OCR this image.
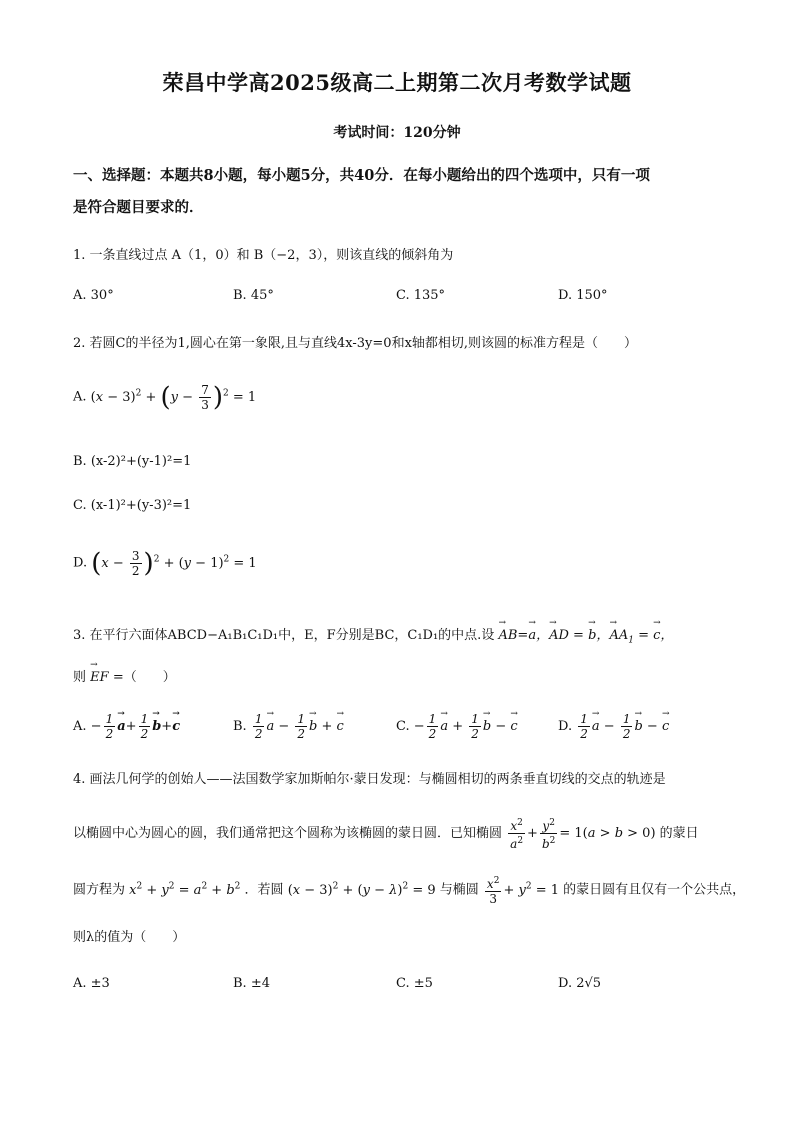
荣昌中学高2025级高二上期第二次月考数学试题
考试时间：120分钟
一、选择题：本题共8小题，每小题5分，共40分．在每小题给出的四个选项中，只有一项
是符合题目要求的．
1. 一条直线过点 A（1，0）和 B（−2，3），则该直线的倾斜角为
A. 30°	B. 45°	C. 135°	D. 150°
2. 若圆C的半径为1,圆心在第一象限,且与直线4x-3y=0和x轴都相切,则该圆的标准方程是（　　）
A. $(x - 3)^2 + (y - \frac{7}{3} )^2 = 1$
B. (x-2)²+(y-1)²=1
C. (x-1)²+(y-3)²=1
D. $(x - \frac{3}{2} )^2 + (y - 1)^2 = 1$
3. 在平行六面体ABCD−A₁B₁C₁D₁中，E，F分别是BC，C₁D₁的中点.设 → AB=→ a，→ AD = → b，→ $AA_1$ = → c，
则 → EF =（　　）
A. − $\frac{1}{2}$
→ $a+ \frac{1}{2}$
→ b+→ c	B. $\frac{1}{2}$
→ $a - \frac{1}{2}$
→ b + → c	C. − $\frac{1}{2}$
→ $a + \frac{1}{2}$
→ b − → c	D. $\frac{1}{2}$
→ $a - \frac{1}{2}$
→ b − → c
4. 画法几何学的创始人——法国数学家加斯帕尔·蒙日发现：与椭圆相切的两条垂直切线的交点的轨迹是
以椭圆中心为圆心的圆，我们通常把这个圆称为该椭圆的蒙日圆．已知椭圆 $\frac{x^2}{a^2} + \frac{y^2}{b^2} = 1(a > b > 0)$ 的蒙日
圆方程为 $x^2 + y^2 = a^2 + b^2$ ．若圆 $(x - 3)^2 + (y - \lambda)^2 = 9$ 与椭圆 $\frac{x^2}{3} + y^2 = 1$ 的蒙日圆有且仅有一个公共点，
则λ的值为（　　）
A. ±3	B. ±4	C. ±5	D. 2√5
